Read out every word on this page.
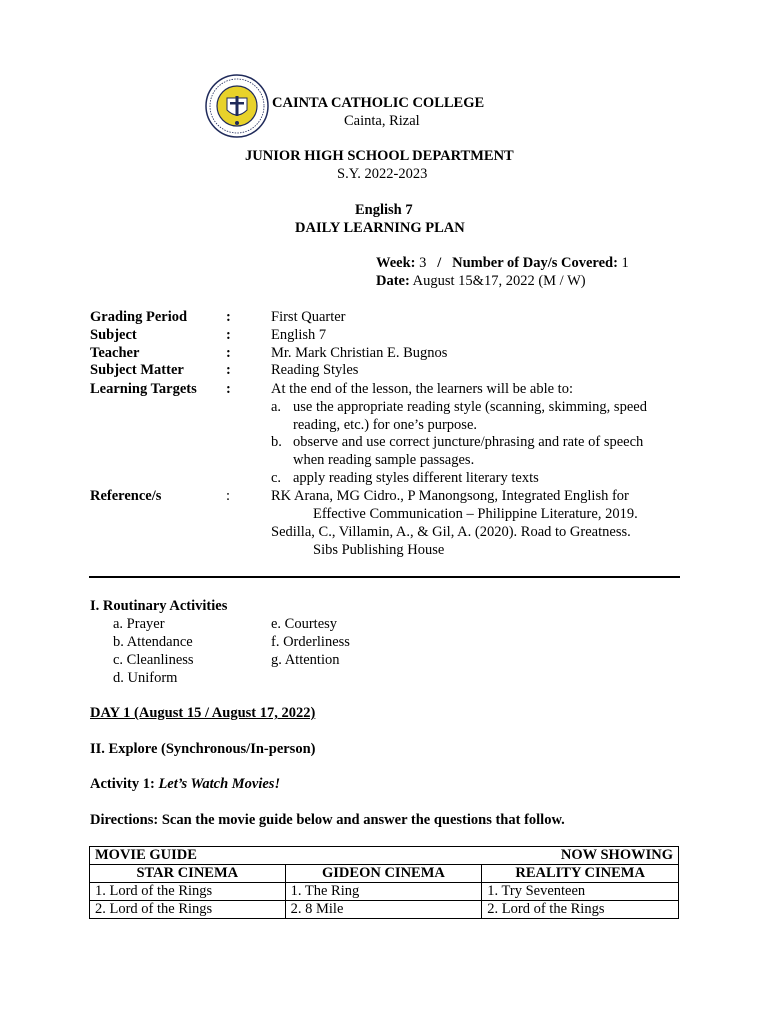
CAINTA CATHOLIC COLLEGE
Cainta, Rizal
JUNIOR HIGH SCHOOL DEPARTMENT
S.Y. 2022-2023
English 7
DAILY LEARNING PLAN
Week: 3 / Number of Day/s Covered: 1
Date: August 15&17, 2022 (M / W)
Grading Period	:	First Quarter
Subject	:	English 7
Teacher	:	Mr. Mark Christian E. Bugnos
Subject Matter	:	Reading Styles
Learning Targets :	At the end of the lesson, the learners will be able to:
a. use the appropriate reading style (scanning, skimming, speed
reading, etc.) for one’s purpose.
b. observe and use correct juncture/phrasing and rate of speech
when reading sample passages.
c. apply reading styles different literary texts
Reference/s	:	RK Arana, MG Cidro., P Manongsong, Integrated English for
Effective Communication – Philippine Literature, 2019.
Sedilla, C., Villamin, A., & Gil, A. (2020). Road to Greatness.
Sibs Publishing House
I. Routinary Activities
a. Prayer
b. Attendance
c. Cleanliness
d. Uniform
e. Courtesy
f. Orderliness
g. Attention
DAY 1 (August 15 / August 17, 2022)
II. Explore (Synchronous/In-person)
Activity 1: Let’s Watch Movies!
Directions: Scan the movie guide below and answer the questions that follow.
MOVIE GUIDE		NOW SHOWING
STAR CINEMA	GIDEON CINEMA	REALITY CINEMA
1. Lord of the Rings	1. The Ring	1. Try Seventeen
2. Lord of the Rings	2. 8 Mile	2. Lord of the Rings
